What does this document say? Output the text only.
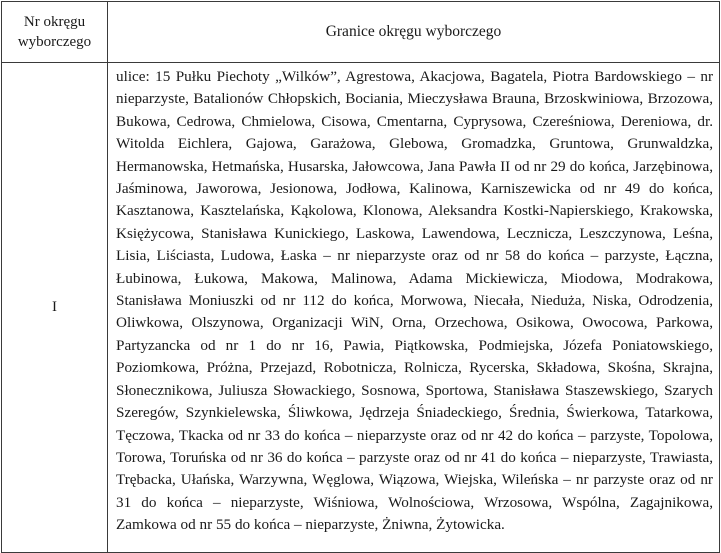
Nr okręgu wyborczego	Granice okręgu wyborczego
I	ulice: 15 Pułku Piechoty „Wilków”, Agrestowa, Akacjowa, Bagatela, Piotra Bardowskiego – nr nieparzyste, Batalionów Chłopskich, Bociania, Mieczysława Brauna, Brzoskwiniowa, Brzozowa, Bukowa, Cedrowa, Chmielowa, Cisowa, Cmentarna, Cyprysowa, Czereśniowa, Dereniowa, dr. Witolda Eichlera, Gajowa, Garażowa, Glebowa, Gromadzka, Gruntowa, Grunwaldzka, Hermanowska, Hetmańska, Husarska, Jałowcowa, Jana Pawła II od nr 29 do końca, Jarzębinowa, Jaśminowa, Jaworowa, Jesionowa, Jodłowa, Kalinowa, Karniszewicka od nr 49 do końca, Kasztanowa, Kasztelańska, Kąkolowa, Klonowa, Aleksandra Kostki-Napierskiego, Krakowska, Księżycowa, Stanisława Kunickiego, Laskowa, Lawendowa, Lecznicza, Leszczynowa, Leśna, Lisia, Liściasta, Ludowa, Łaska – nr nieparzyste oraz od nr 58 do końca – parzyste, Łączna, Łubinowa, Łukowa, Makowa, Malinowa, Adama Mickiewicza, Miodowa, Modrakowa, Stanisława Moniuszki od nr 112 do końca, Morwowa, Niecała, Nieduża, Niska, Odrodzenia, Oliwkowa, Olszynowa, Organizacji WiN, Orna, Orzechowa, Osikowa, Owocowa, Parkowa, Partyzancka od nr 1 do nr 16, Pawia, Piątkowska, Podmiejska, Józefa Poniatowskiego, Poziomkowa, Próżna, Przejazd, Robotnicza, Rolnicza, Rycerska, Składowa, Skośna, Skrajna, Słonecznikowa, Juliusza Słowackiego, Sosnowa, Sportowa, Stanisława Staszewskiego, Szarych Szeregów, Szynkielewska, Śliwkowa, Jędrzeja Śniadeckiego, Średnia, Świerkowa, Tatarkowa, Tęczowa, Tkacka od nr 33 do końca – nieparzyste oraz od nr 42 do końca – parzyste, Topolowa, Torowa, Toruńska od nr 36 do końca – parzyste oraz od nr 41 do końca – nieparzyste, Trawiasta, Trębacka, Ułańska, Warzywna, Węglowa, Wiązowa, Wiejska, Wileńska – nr parzyste oraz od nr 31 do końca – nieparzyste, Wiśniowa, Wolnościowa, Wrzosowa, Wspólna, Zagajnikowa, Zamkowa od nr 55 do końca – nieparzyste, Żniwna, Żytowicka.
